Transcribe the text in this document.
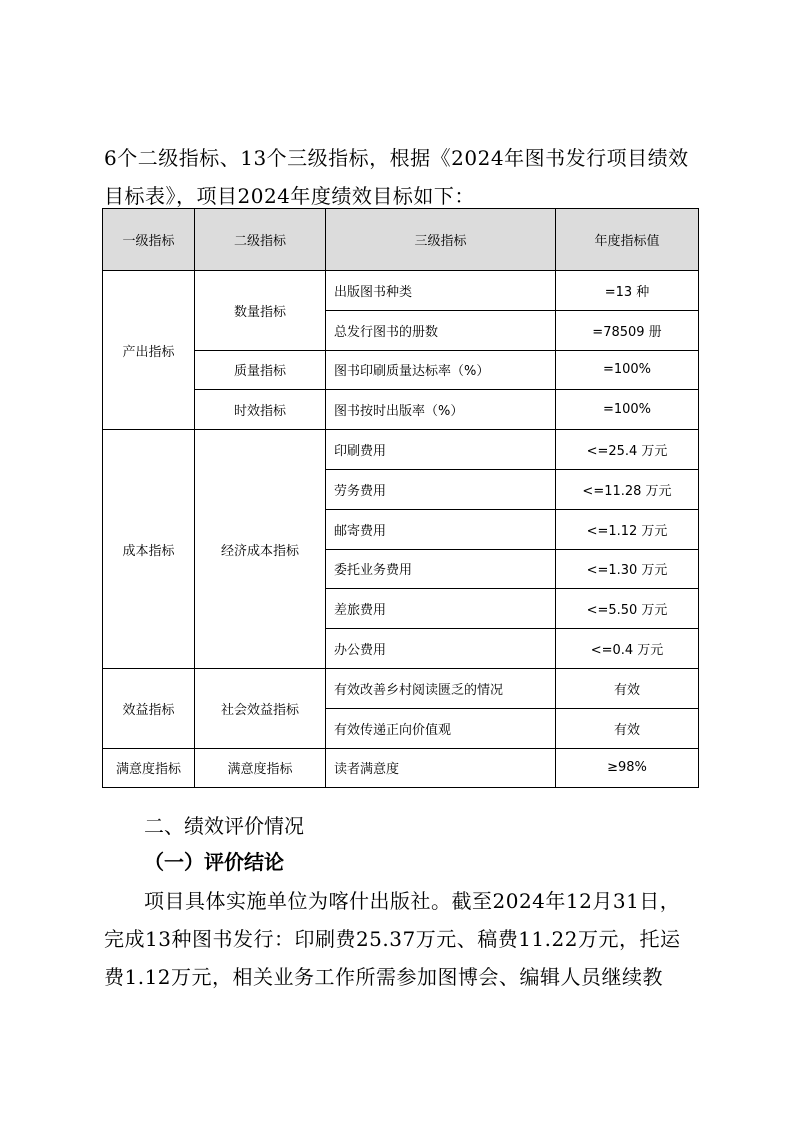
6个二级指标、13个三级指标，根据《2024年图书发行项目绩效目标表》，项目2024年度绩效目标如下：

一级指标	二级指标	三级指标	年度指标值
产出指标	数量指标	出版图书种类	=13 种
		总发行图书的册数	=78509 册
	质量指标	图书印刷质量达标率（%）	=100%
	时效指标	图书按时出版率（%）	=100%
成本指标	经济成本指标	印刷费用	<=25.4 万元
		劳务费用	<=11.28 万元
		邮寄费用	<=1.12 万元
		委托业务费用	<=1.30 万元
		差旅费用	<=5.50 万元
		办公费用	<=0.4 万元
效益指标	社会效益指标	有效改善乡村阅读匮乏的情况	有效
		有效传递正向价值观	有效
满意度指标	满意度指标	读者满意度	≥98%
二、绩效评价情况
（一）评价结论

项目具体实施单位为喀什出版社。截至2024年12月31日，完成13种图书发行：印刷费25.37万元、稿费11.22万元，托运费1.12万元，相关业务工作所需参加图博会、编辑人员继续教
